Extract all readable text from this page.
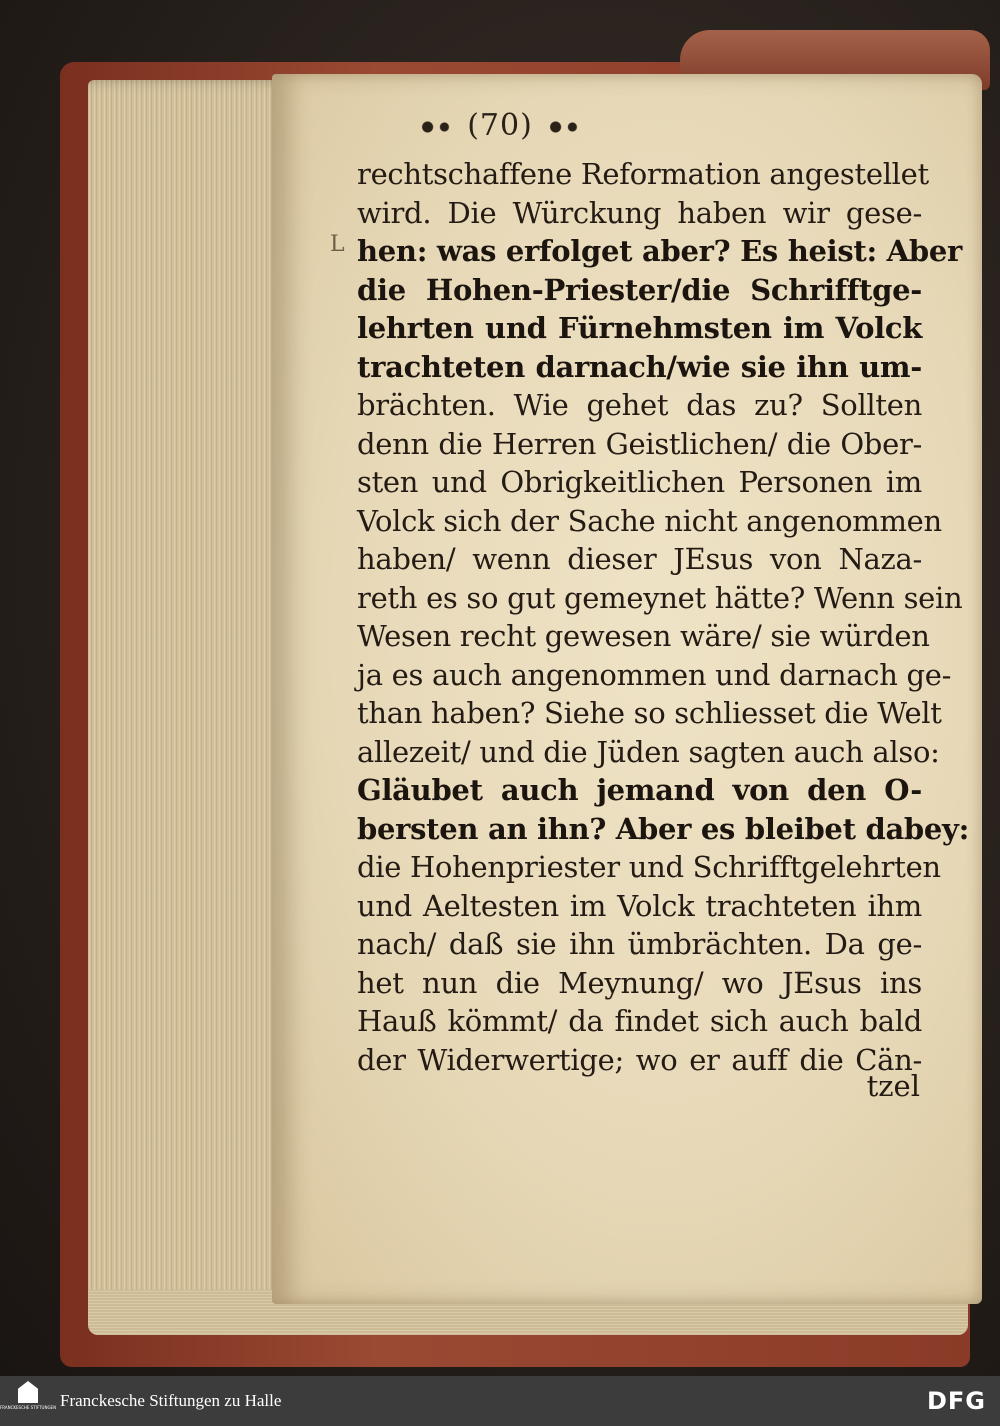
(70)
L
rechtschaffene Reformation angestellet
wird. Die Würckung haben wir gese-
hen: was erfolget aber? Es heist: Aber
die Hohen-Priester/die Schrifftge-
lehrten und Fürnehmsten im Volck
trachteten darnach/wie sie ihn um-
brächten. Wie gehet das zu? Sollten
denn die Herren Geistlichen/ die Ober-
sten und Obrigkeitlichen Personen im
Volck sich der Sache nicht angenommen
haben/ wenn dieser JEsus von Naza-
reth es so gut gemeynet hätte? Wenn sein
Wesen recht gewesen wäre/ sie würden
ja es auch angenommen und darnach ge-
than haben? Siehe so schliesset die Welt
allezeit/ und die Jüden sagten auch also:
Gläubet auch jemand von den O-
bersten an ihn? Aber es bleibet dabey:
die Hohenpriester und Schrifftgelehrten
und Aeltesten im Volck trachteten ihm
nach/ daß sie ihn ümbrächten. Da ge-
het nun die Meynung/ wo JEsus ins
Hauß kömmt/ da findet sich auch bald
der Widerwertige; wo er auff die Cän-
tzel
FRANCKESCHE STIFTUNGEN Franckesche Stiftungen zu Halle	DFG
